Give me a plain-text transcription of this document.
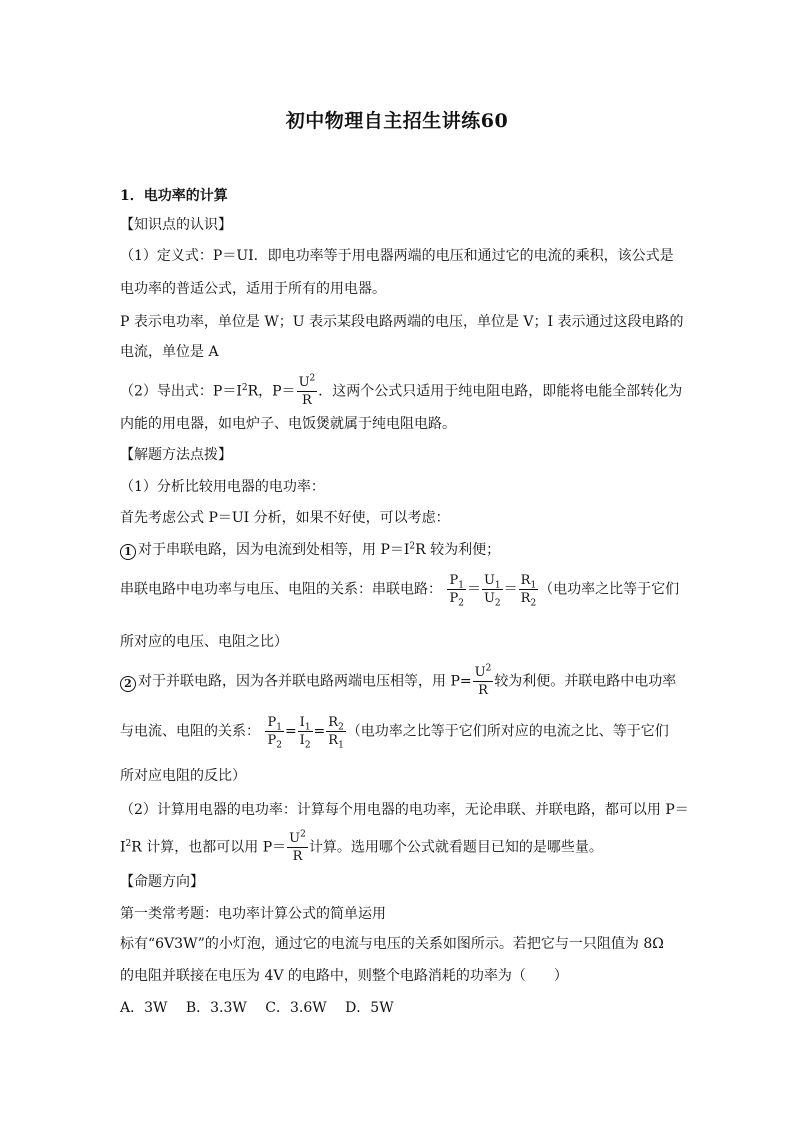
初中物理自主招生讲练60
1．电功率的计算
【知识点的认识】
（1）定义式：P＝UI．即电功率等于用电器两端的电压和通过它的电流的乘积，该公式是
电功率的普适公式，适用于所有的用电器。
P 表示电功率，单位是 W；U 表示某段电路两端的电压，单位是 V；I 表示通过这段电路的
电流，单位是 A
（2）导出式：$P=I^2R$，$P= \frac{U^2}{R}$ ．这两个公式只适用于纯电阻电路，即能将电能全部转化为
内能的用电器，如电炉子、电饭煲就属于纯电阻电路。
【解题方法点拨】
（1）分析比较用电器的电功率：
首先考虑公式 P＝UI 分析，如果不好使，可以考虑：
1 对于串联电路，因为电流到处相等，用 $P=I^2R$ 较为利便；
串联电路中电功率与电压、电阻的关系：串联电路： $\frac{P_1}{P_2} = \frac{U_1}{U_2} = \frac{R_1}{R_2}$ （电功率之比等于它们
所对应的电压、电阻之比）
2 对于并联电路，因为各并联电路两端电压相等，用 $P= \frac{U^2}{R}$ 较为利便。并联电路中电功率
与电流、电阻的关系： $\frac{P_1}{P_2} = \frac{I_1}{I_2} = \frac{R_2}{R_1}$ （电功率之比等于它们所对应的电流之比、等于它们
所对应电阻的反比）
（2）计算用电器的电功率：计算每个用电器的电功率，无论串联、并联电路，都可以用 P＝
$I^2R$ 计算，也都可以用 $P= \frac{U^2}{R}$ 计算。选用哪个公式就看题目已知的是哪些量。
【命题方向】
第一类常考题：电功率计算公式的简单运用
标有“6V3W”的小灯泡，通过它的电流与电压的关系如图所示。若把它与一只阻值为 8Ω
的电阻并联接在电压为 4V 的电路中，则整个电路消耗的功率为（　　）
A．3W　 B．3.3W　 C．3.6W　 D．5W
